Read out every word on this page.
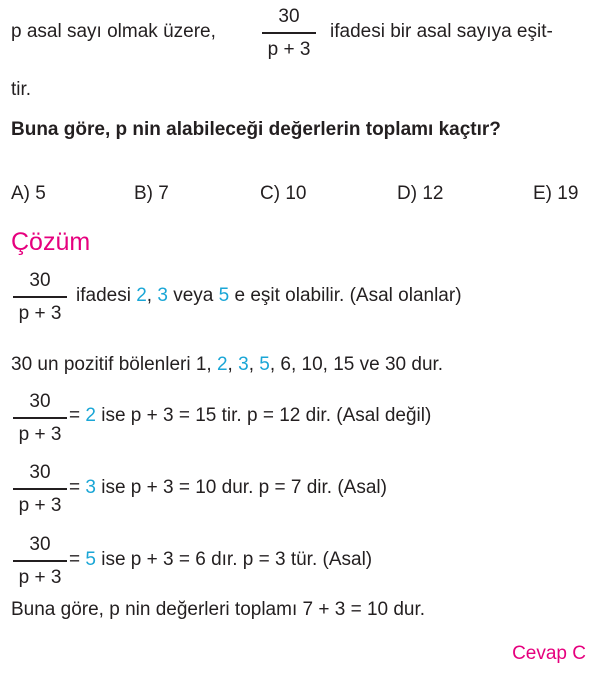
p asal sayı olmak üzere,
30
p + 3
ifadesi bir asal sayıya eşit-
tir.
Buna göre, p nin alabileceği değerlerin toplamı kaçtır?
A) 5	B) 7	C) 10	D) 12	E) 19
Çözüm
30
p + 3
ifadesi 2, 3 veya 5 e eşit olabilir. (Asal olanlar)
30 un pozitif bölenleri 1, 2, 3, 5, 6, 10, 15 ve 30 dur.
30
p + 3
= 2 ise p + 3 = 15 tir. p = 12 dir. (Asal değil)
30
p + 3
= 3 ise p + 3 = 10 dur. p = 7 dir. (Asal)
30
p + 3
= 5 ise p + 3 = 6 dır. p = 3 tür. (Asal)
Buna göre, p nin değerleri toplamı 7 + 3 = 10 dur.
Cevap C
